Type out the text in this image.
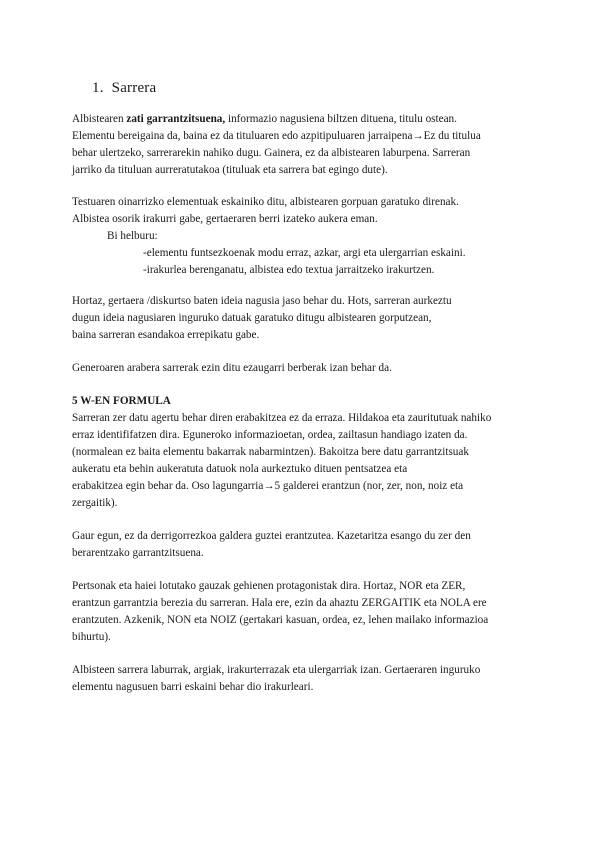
1. Sarrera
Albistearen zati garrantzitsuena, informazio nagusiena biltzen dituena, titulu ostean.
Elementu bereigaina da, baina ez da tituluaren edo azpitipuluaren jarraipena→Ez du titulua
behar ulertzeko, sarrerarekin nahiko dugu. Gainera, ez da albistearen laburpena. Sarreran
jarriko da tituluan aurreratutakoa (tituluak eta sarrera bat egingo dute).
Testuaren oinarrizko elementuak eskainiko ditu, albistearen gorpuan garatuko direnak.
Albistea osorik irakurri gabe, gertaeraren berri izateko aukera eman.
Bi helburu:
-elementu funtsezkoenak modu erraz, azkar, argi eta ulergarrian eskaini.
-irakurlea berenganatu, albistea edo textua jarraitzeko irakurtzen.
Hortaz, gertaera /diskurtso baten ideia nagusia jaso behar du. Hots, sarreran aurkeztu
dugun ideia nagusiaren inguruko datuak garatuko ditugu albistearen gorputzean,
baina sarreran esandakoa errepikatu gabe.
Generoaren arabera sarrerak ezin ditu ezaugarri berberak izan behar da.
5 W-EN FORMULA
Sarreran zer datu agertu behar diren erabakitzea ez da erraza. Hildakoa eta zauritutuak nahiko
erraz identififatzen dira. Eguneroko informazioetan, ordea, zailtasun handiago izaten da.
(normalean ez baita elementu bakarrak nabarmintzen). Bakoitza bere datu garrantzitsuak
aukeratu eta behin aukeratuta datuok nola aurkeztuko dituen pentsatzea eta
erabakitzea egin behar da. Oso lagungarria→5 galderei erantzun (nor, zer, non, noiz eta
zergaitik).
Gaur egun, ez da derrigorrezkoa galdera guztei erantzutea. Kazetaritza esango du zer den
berarentzako garrantzitsuena.
Pertsonak eta haiei lotutako gauzak gehienen protagonistak dira. Hortaz, NOR eta ZER,
erantzun garrantzia berezia du sarreran. Hala ere, ezin da ahaztu ZERGAITIK eta NOLA ere
erantzuten. Azkenik, NON eta NOIZ (gertakari kasuan, ordea, ez, lehen mailako informazioa
bihurtu).
Albisteen sarrera laburrak, argiak, irakurterrazak eta ulergarriak izan. Gertaeraren inguruko
elementu nagusuen barri eskaini behar dio irakurleari.
